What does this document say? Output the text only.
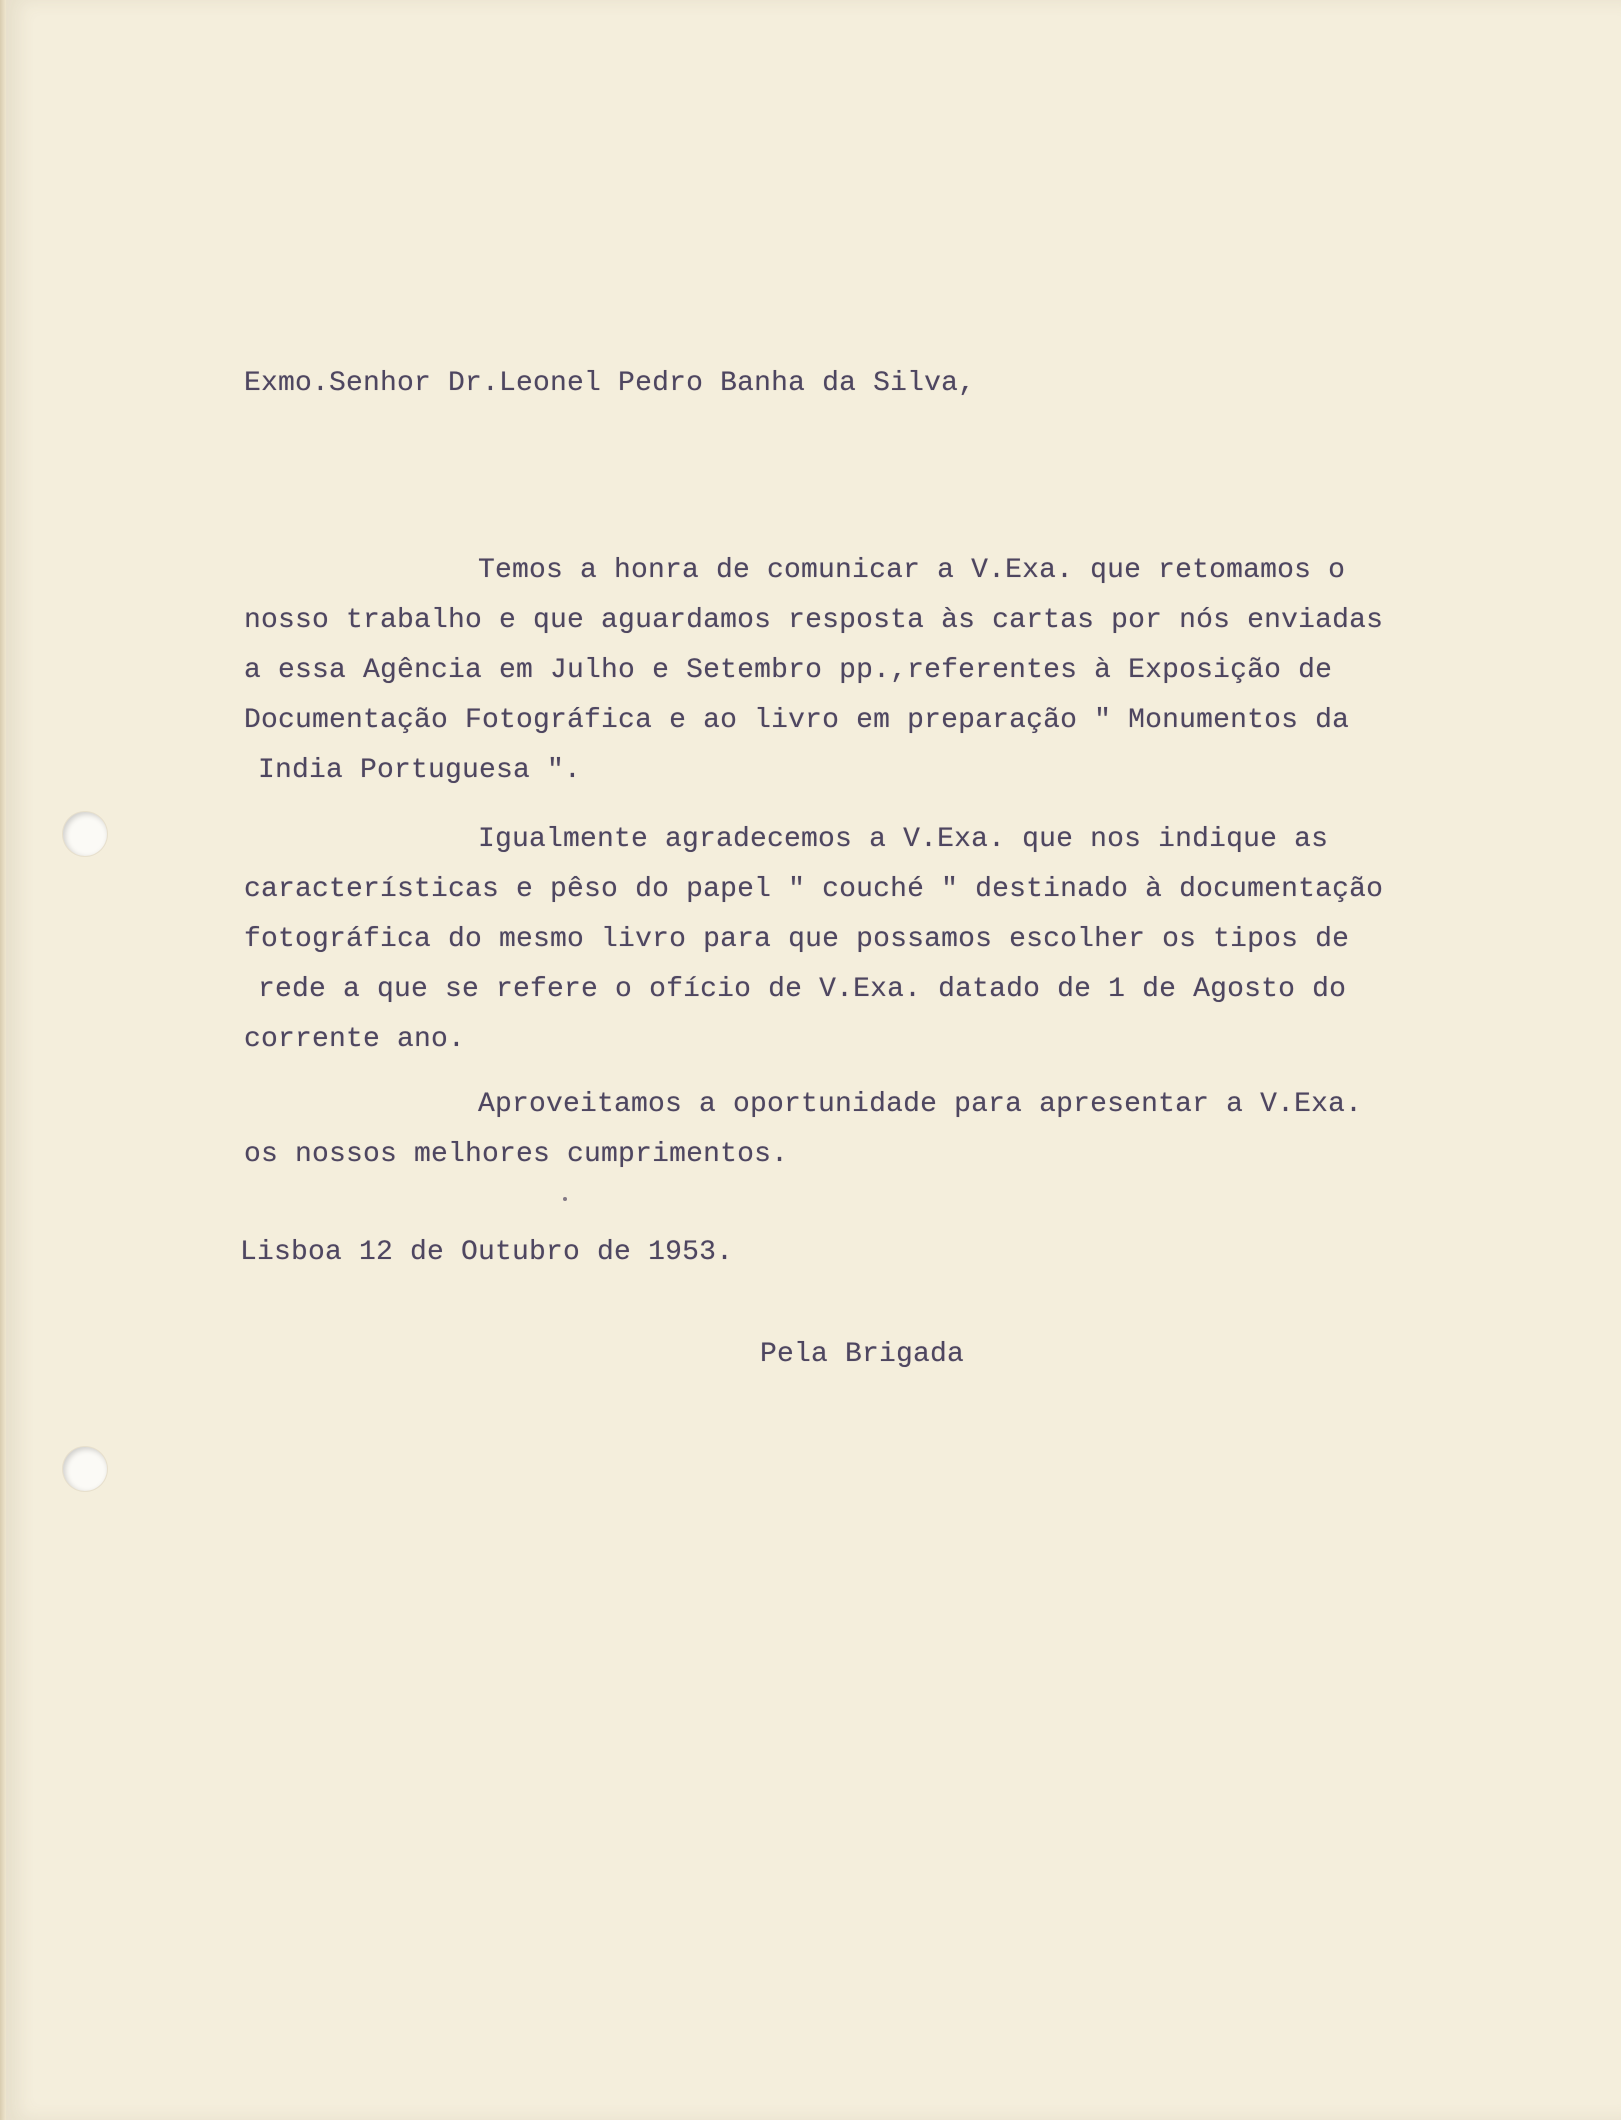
Exmo.Senhor Dr.Leonel Pedro Banha da Silva,
Temos a honra de comunicar a V.Exa. que retomamos o
nosso trabalho e que aguardamos resposta às cartas por nós enviadas
a essa Agência em Julho e Setembro pp.,referentes à Exposição de
Documentação Fotográfica e ao livro em preparação " Monumentos da
India Portuguesa ".
Igualmente agradecemos a V.Exa. que nos indique as
características e pêso do papel " couché " destinado à documentação
fotográfica do mesmo livro para que possamos escolher os tipos de
rede a que se refere o ofício de V.Exa. datado de 1 de Agosto do
corrente ano.
Aproveitamos a oportunidade para apresentar a V.Exa.
os nossos melhores cumprimentos.
Lisboa 12 de Outubro de 1953.
Pela Brigada
